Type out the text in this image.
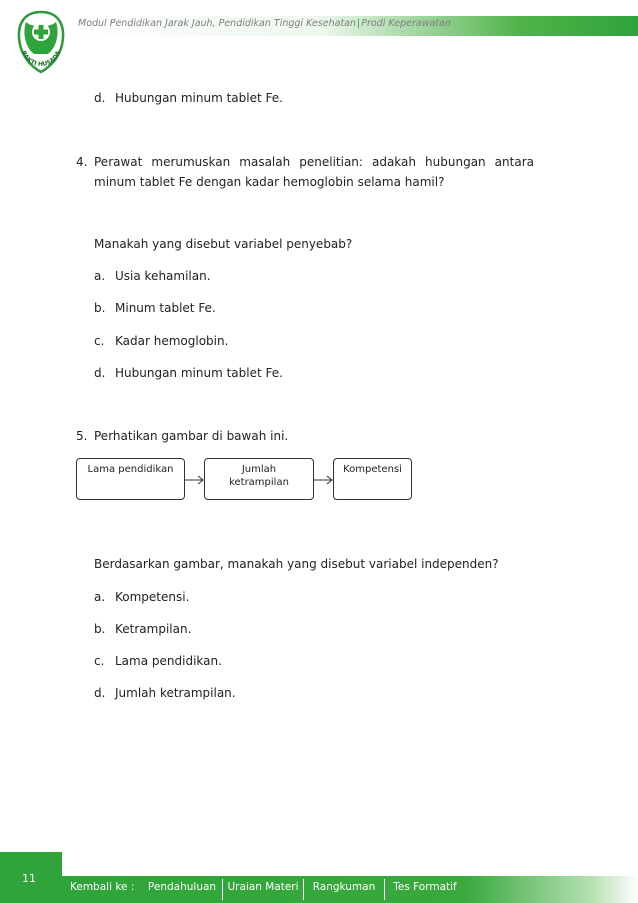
Modul Pendidikan Jarak Jauh, Pendidikan Tinggi Kesehatan|Prodi Keperawatan
BAKTI HUSADA
d. Hubungan minum tablet Fe.
4. Perawat merumuskan masalah penelitian: adakah hubungan antara minum tablet Fe dengan kadar hemoglobin selama hamil?
Manakah yang disebut variabel penyebab?
a. Usia kehamilan.
b. Minum tablet Fe.
c. Kadar hemoglobin.
d. Hubungan minum tablet Fe.
5. Perhatikan gambar di bawah ini.
Lama pendidikan	Jumlah
ketrampilan
Kompetensi
Berdasarkan gambar, manakah yang disebut variabel independen?
a. Kompetensi.
b. Ketrampilan.
c. Lama pendidikan.
d. Jumlah ketrampilan.
11
Kembali ke :	Pendahuluan	Uraian Materi	Rangkuman	Tes Formatif
